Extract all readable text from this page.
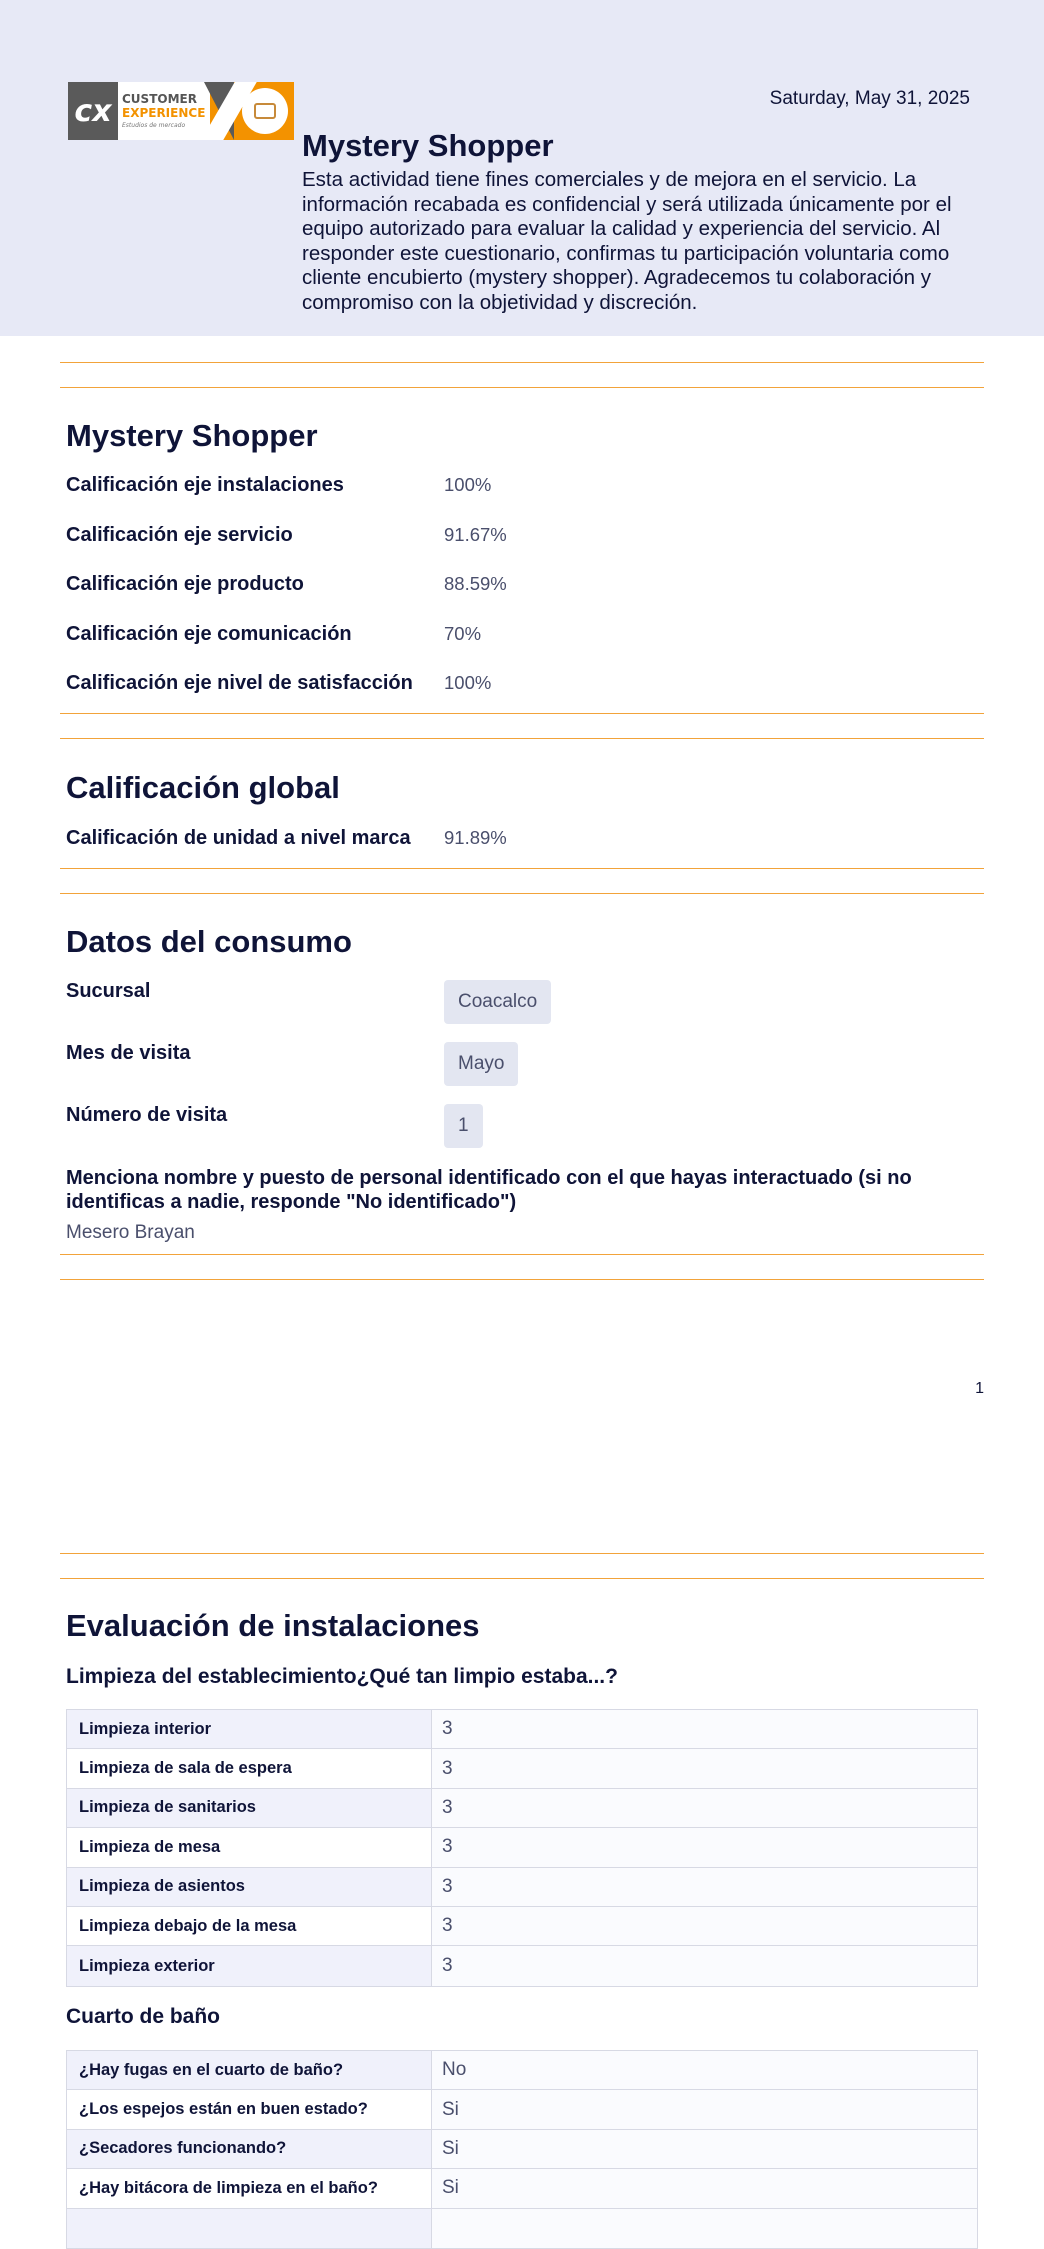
cx CUSTOMER
EXPERIENCE
Estudios de mercado
Saturday, May 31, 2025
Mystery Shopper
Esta actividad tiene fines comerciales y de mejora en el servicio. La información recabada es confidencial y será utilizada únicamente por el equipo autorizado para evaluar la calidad y experiencia del servicio. Al responder este cuestionario, confirmas tu participación voluntaria como cliente encubierto (mystery shopper). Agradecemos tu colaboración y compromiso con la objetividad y discreción.
Mystery Shopper
Calificación eje instalaciones	100%
Calificación eje servicio	91.67%
Calificación eje producto	88.59%
Calificación eje comunicación	70%
Calificación eje nivel de satisfacción 100%
Calificación global
Calificación de unidad a nivel marca 91.89%
Datos del consumo
Sucursal	Coacalco
Mes de visita	Mayo
Número de visita	1
Menciona nombre y puesto de personal identificado con el que hayas interactuado (si no identificas a nadie, responde "No identificado")
Mesero Brayan
1
Evaluación de instalaciones
Limpieza del establecimiento¿Qué tan limpio estaba...?
Limpieza interior	3
Limpieza de sala de espera	3
Limpieza de sanitarios	3
Limpieza de mesa	3
Limpieza de asientos	3
Limpieza debajo de la mesa	3
Limpieza exterior	3
Cuarto de baño
¿Hay fugas en el cuarto de baño?	No
¿Los espejos están en buen estado?	Si
¿Secadores funcionando?	Si
¿Hay bitácora de limpieza en el baño?	Si
